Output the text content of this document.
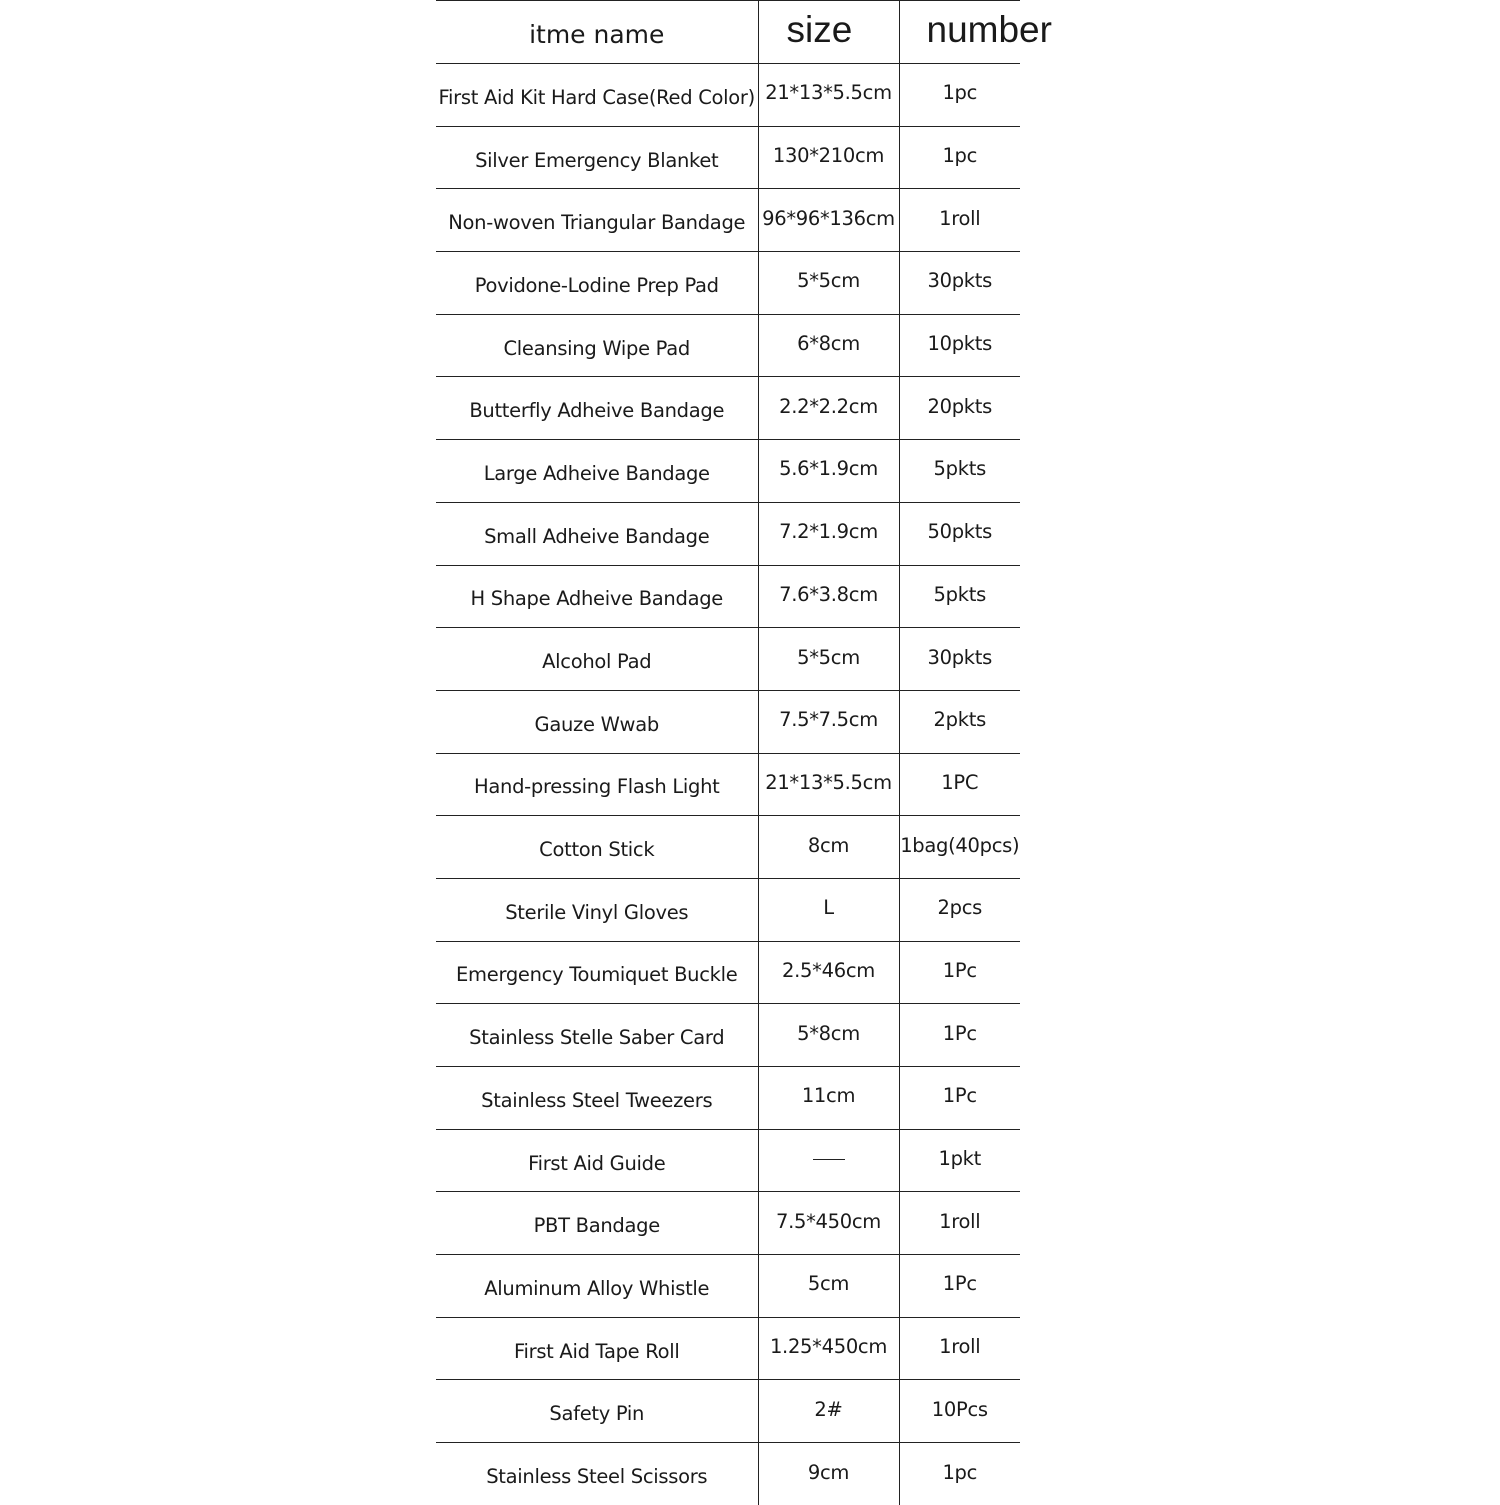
itme name	size	number
First Aid Kit Hard Case(Red Color)	21*13*5.5cm	1pc
Silver Emergency Blanket	130*210cm	1pc
Non-woven Triangular Bandage	96*96*136cm	1roll
Povidone-Lodine Prep Pad	5*5cm	30pkts
Cleansing Wipe Pad	6*8cm	10pkts
Butterfly Adheive Bandage	2.2*2.2cm	20pkts
Large Adheive Bandage	5.6*1.9cm	5pkts
Small Adheive Bandage	7.2*1.9cm	50pkts
H Shape Adheive Bandage	7.6*3.8cm	5pkts
Alcohol Pad	5*5cm	30pkts
Gauze Wwab	7.5*7.5cm	2pkts
Hand-pressing Flash Light	21*13*5.5cm	1PC
Cotton Stick	8cm	1bag(40pcs)
Sterile Vinyl Gloves	L	2pcs
Emergency Toumiquet Buckle	2.5*46cm	1Pc
Stainless Stelle Saber Card	5*8cm	1Pc
Stainless Steel Tweezers	11cm	1Pc
First Aid Guide		1pkt
PBT Bandage	7.5*450cm	1roll
Aluminum Alloy Whistle	5cm	1Pc
First Aid Tape Roll	1.25*450cm	1roll
Safety Pin	2#	10Pcs
Stainless Steel Scissors	9cm	1pc
